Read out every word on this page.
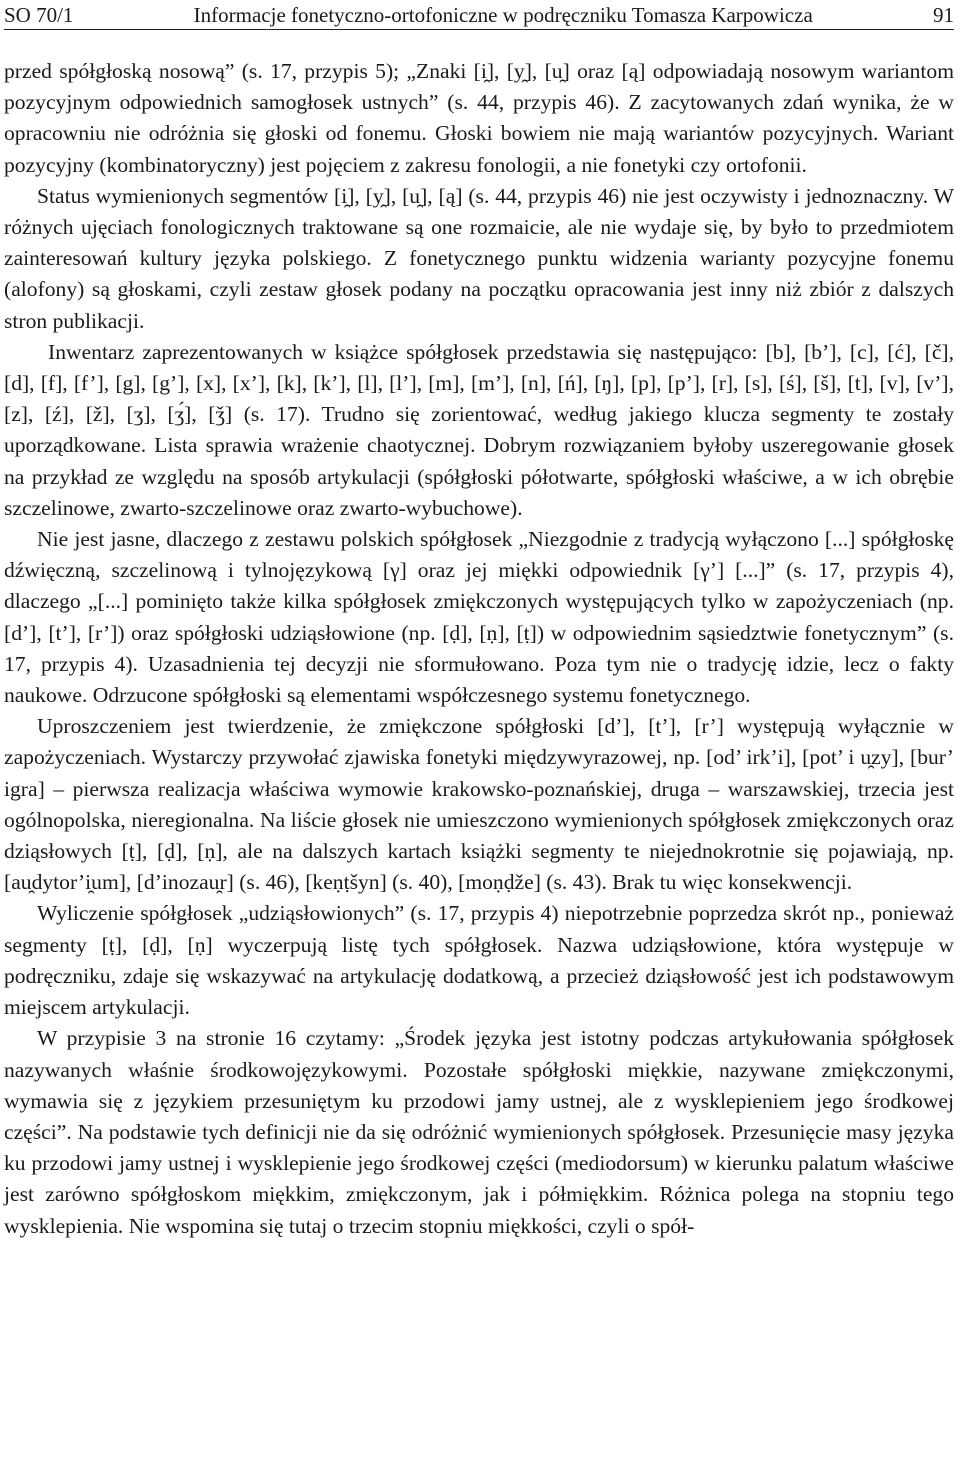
SO 70/1	Informacje fonetyczno-ortofoniczne w podręczniku Tomasza Karpowicza	91

przed spółgłoską nosową” (s. 17, przypis 5); „Znaki [i̯], [y̯], [u̯] oraz [ą] odpowiadają nosowym wariantom pozycyjnym odpowiednich samogłosek ustnych” (s. 44, przypis 46). Z zacytowanych zdań wynika, że w opracowniu nie odróżnia się głoski od fonemu. Głoski bowiem nie mają wariantów pozycyjnych. Wariant pozycyjny (kombinatoryczny) jest pojęciem z zakresu fonologii, a nie fonetyki czy ortofonii.

Status wymienionych segmentów [i̯], [y̯], [u̯], [ą] (s. 44, przypis 46) nie jest oczywisty i jednoznaczny. W różnych ujęciach fonologicznych traktowane są one rozmaicie, ale nie wydaje się, by było to przedmiotem zainteresowań kultury języka polskiego. Z fonetycznego punktu widzenia warianty pozycyjne fonemu (alofony) są głoskami, czyli zestaw głosek podany na początku opracowania jest inny niż zbiór z dalszych stron publikacji.

Inwentarz zaprezentowanych w książce spółgłosek przedstawia się następująco: [b], [b’], [c], [ć], [č], [d], [f], [f’], [g], [g’], [x], [x’], [k], [k’], [l], [l’], [m], [m’], [n], [ń], [ŋ], [p], [p’], [r], [s], [ś], [š], [t], [v], [v’], [z], [ź], [ž], [ʒ], [ʒ́], [ǯ] (s. 17). Trudno się zorientować, według jakiego klucza segmenty te zostały uporządkowane. Lista sprawia wrażenie chaotycznej. Dobrym rozwiązaniem byłoby uszeregowanie głosek na przykład ze względu na sposób artykulacji (spółgłoski półotwarte, spółgłoski właściwe, a w ich obrębie szczelinowe, zwarto-szczelinowe oraz zwarto-wybuchowe).

Nie jest jasne, dlaczego z zestawu polskich spółgłosek „Niezgodnie z tradycją wyłączono [...] spółgłoskę dźwięczną, szczelinową i tylnojęzykową [γ] oraz jej miękki odpowiednik [γ’] [...]” (s. 17, przypis 4), dlaczego „[...] pominięto także kilka spółgłosek zmiękczonych występujących tylko w zapożyczeniach (np. [d’], [t’], [r’]) oraz spółgłoski udziąsłowione (np. [ḍ], [ṇ], [ṭ]) w odpowiednim sąsiedztwie fonetycznym” (s. 17, przypis 4). Uzasadnienia tej decyzji nie sformułowano. Poza tym nie o tradycję idzie, lecz o fakty naukowe. Odrzucone spółgłoski są elementami współczesnego systemu fonetycznego.

Uproszczeniem jest twierdzenie, że zmiękczone spółgłoski [d’], [t’], [r’] występują wyłącznie w zapożyczeniach. Wystarczy przywołać zjawiska fonetyki międzywyrazowej, np. [od’ irk’i], [pot’ i u̯zy], [bur’ igra] – pierwsza realizacja właściwa wymowie krakowsko-poznańskiej, druga – warszawskiej, trzecia jest ogólnopolska, nieregionalna. Na liście głosek nie umieszczono wymienionych spółgłosek zmiękczonych oraz dziąsłowych [ṭ], [ḍ], [ṇ], ale na dalszych kartach książki segmenty te niejednokrotnie się pojawiają, np. [au̯dytor’i̯um], [d’inozau̯r] (s. 46), [keṇṭšyn] (s. 40), [moṇḍže] (s. 43). Brak tu więc konsekwencji.

Wyliczenie spółgłosek „udziąsłowionych” (s. 17, przypis 4) niepotrzebnie poprzedza skrót np., ponieważ segmenty [ṭ], [ḍ], [ṇ] wyczerpują listę tych spółgłosek. Nazwa udziąsłowione, która występuje w podręczniku, zdaje się wskazywać na artykulację dodatkową, a przecież dziąsłowość jest ich podstawowym miejscem artykulacji.

W przypisie 3 na stronie 16 czytamy: „Środek języka jest istotny podczas artykułowania spółgłosek nazywanych właśnie środkowojęzykowymi. Pozostałe spółgłoski miękkie, nazywane zmiękczonymi, wymawia się z językiem przesuniętym ku przodowi jamy ustnej, ale z wysklepieniem jego środkowej części”. Na podstawie tych definicji nie da się odróżnić wymienionych spółgłosek. Przesunięcie masy języka ku przodowi jamy ustnej i wysklepienie jego środkowej części (mediodorsum) w kierunku palatum właściwe jest zarówno spółgłoskom miękkim, zmiękczonym, jak i półmiękkim. Różnica polega na stopniu tego wysklepienia. Nie wspomina się tutaj o trzecim stopniu miękkości, czyli o spół-
